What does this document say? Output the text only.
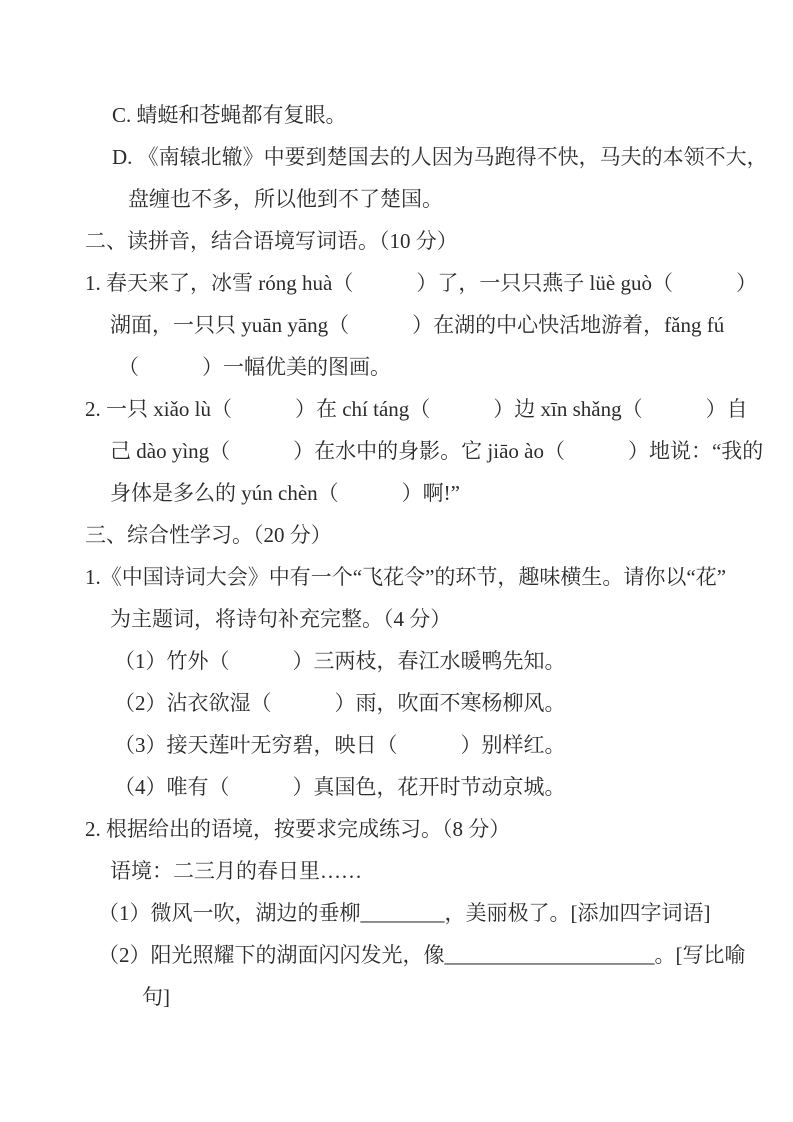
C. 蜻蜓和苍蝇都有复眼。
D. 《南辕北辙》中要到楚国去的人因为马跑得不快，马夫的本领不大，
盘缠也不多，所以他到不了楚国。
二、读拼音，结合语境写词语。（10 分）
1. 春天来了，冰雪 róng huà（　　　）了，一只只燕子 lüè guò（　　　）
湖面，一只只 yuān yāng（　　　）在湖的中心快活地游着，fǎng fú
（　　　）一幅优美的图画。
2. 一只 xiǎo lù（　　　）在 chí táng（　　　）边 xīn shǎng（　　　）自
己 dào yìng（　　　）在水中的身影。它 jiāo ào（　　　）地说：“我的
身体是多么的 yún chèn（　　　）啊!”
三、综合性学习。（20 分）
1.《中国诗词大会》中有一个“飞花令”的环节，趣味横生。请你以“花”
为主题词，将诗句补充完整。（4 分）
（1）竹外（　　　）三两枝，春江水暖鸭先知。
（2）沾衣欲湿（　　　）雨，吹面不寒杨柳风。
（3）接天莲叶无穷碧，映日（　　　）别样红。
（4）唯有（　　　）真国色，花开时节动京城。
2. 根据给出的语境，按要求完成练习。（8 分）
语境：二三月的春日里……
（1）微风一吹，湖边的垂柳________，美丽极了。[添加四字词语]
（2）阳光照耀下的湖面闪闪发光，像____________________。[写比喻
句]
